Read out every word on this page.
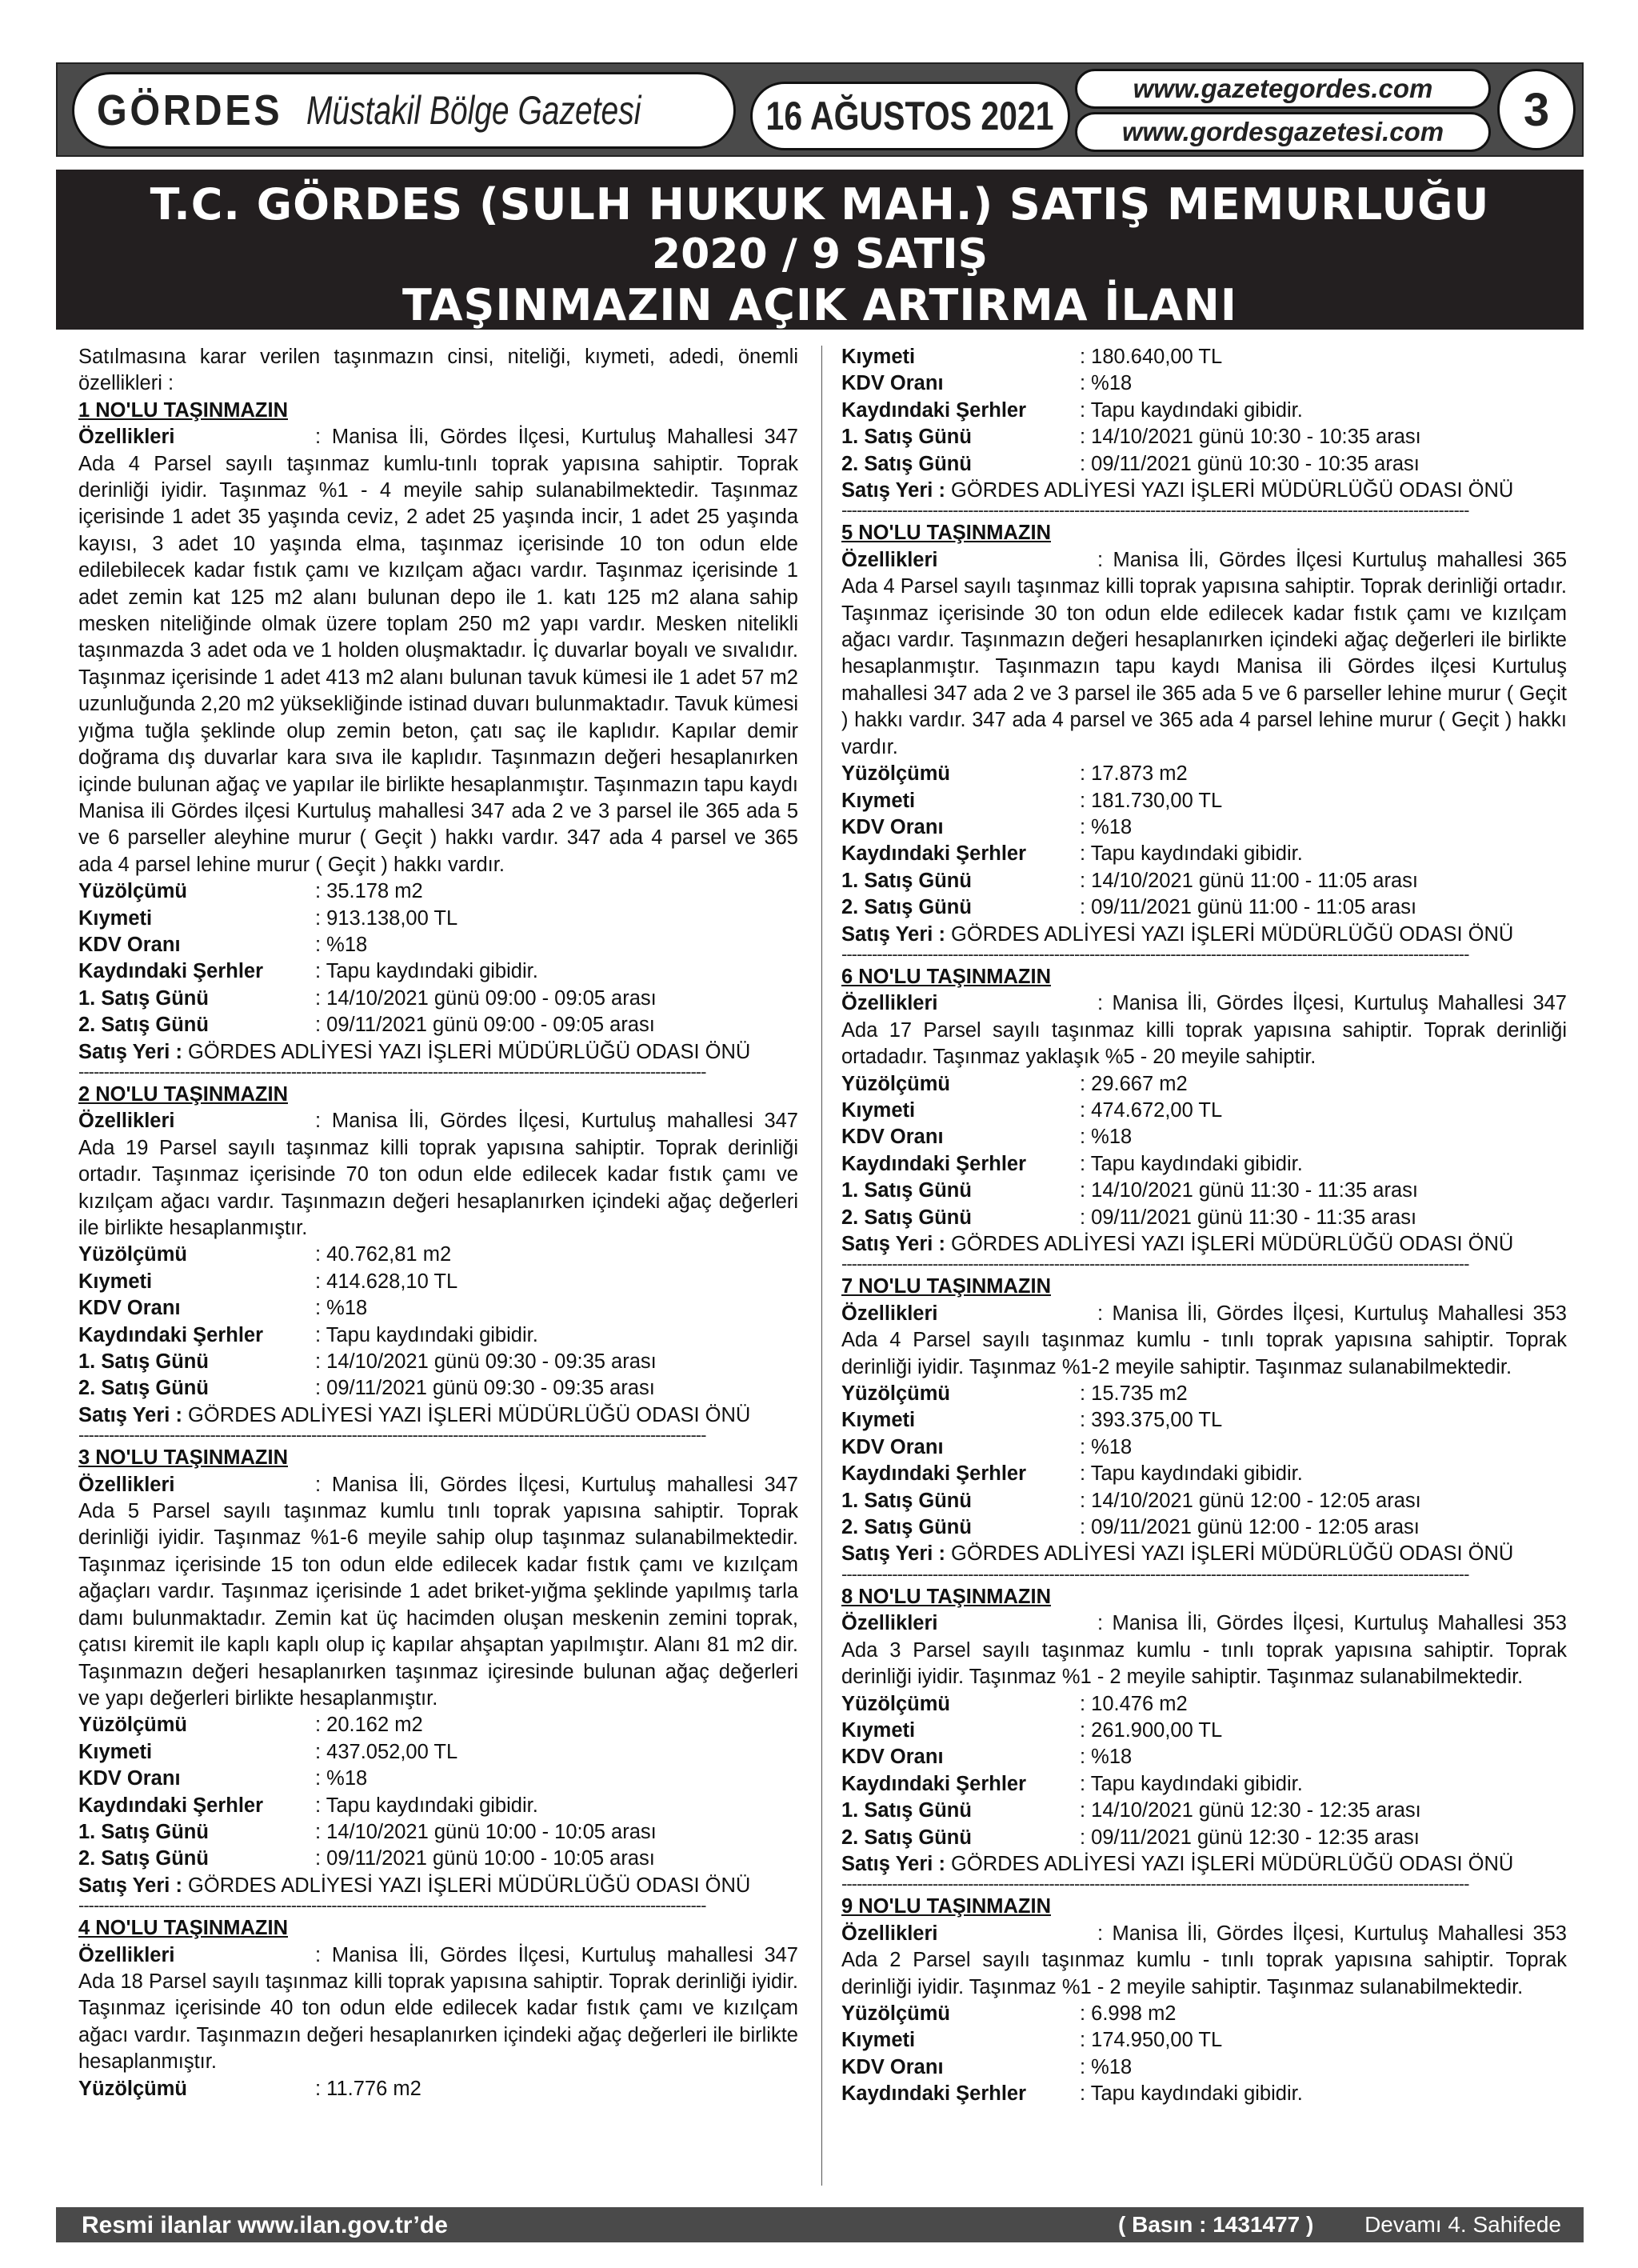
GÖRDES Müstakil Bölge Gazetesi	16 AĞUSTOS 2021
www.gazetegordes.com
www.gordesgazetesi.com 3
T.C. GÖRDES (SULH HUKUK MAH.) SATIŞ MEMURLUĞU
2020 / 9 SATIŞ
TAŞINMAZIN AÇIK ARTIRMA İLANI

Satılmasına karar verilen taşınmazın cinsi, niteliği, kıymeti, adedi, önemli özellikleri :

1 NO'LU TAŞINMAZIN

Özellikleri	: Manisa İli, Gördes İlçesi, Kurtuluş Mahallesi 347 Ada 4 Parsel sayılı taşınmaz kumlu-tınlı toprak yapısına sahiptir. Toprak derinliği iyidir. Taşınmaz %1 - 4 meyile sahip sulanabilmektedir. Taşınmaz içerisinde 1 adet 35 yaşında ceviz, 2 adet 25 yaşında incir, 1 adet 25 yaşında kayısı, 3 adet 10 yaşında elma, taşınmaz içerisinde 10 ton odun elde edilebilecek kadar fıstık çamı ve kızılçam ağacı vardır. Taşınmaz içerisinde 1 adet zemin kat 125 m2 alanı bulunan depo ile 1. katı 125 m2 alana sahip mesken niteliğinde olmak üzere toplam 250 m2 yapı vardır. Mesken nitelikli taşınmazda 3 adet oda ve 1 holden oluşmaktadır. İç duvarlar boyalı ve sıvalıdır. Taşınmaz içerisinde 1 adet 413 m2 alanı bulunan tavuk kümesi ile 1 adet 57 m2 uzunluğunda 2,20 m2 yüksekliğinde istinad duvarı bulunmaktadır. Tavuk kümesi yığma tuğla şeklinde olup zemin beton, çatı saç ile kaplıdır. Kapılar demir doğrama dış duvarlar kara sıva ile kaplıdır. Taşınmazın değeri hesaplanırken içinde bulunan ağaç ve yapılar ile birlikte hesaplanmıştır. Taşınmazın tapu kaydı Manisa ili Gördes ilçesi Kurtuluş mahallesi 347 ada 2 ve 3 parsel ile 365 ada 5 ve 6 parseller aleyhine murur ( Geçit ) hakkı vardır. 347 ada 4 parsel ve 365 ada 4 parsel lehine murur ( Geçit ) hakkı vardır.

Yüzölçümü	: 35.178 m2
Kıymeti	: 913.138,00 TL
KDV Oranı	: %18
Kaydındaki Şerhler	: Tapu kaydındaki gibidir.
1. Satış Günü	: 14/10/2021 günü 09:00 - 09:05 arası
2. Satış Günü	: 09/11/2021 günü 09:00 - 09:05 arası
Satış Yeri :
GÖRDES ADLİYESİ YAZI İŞLERİ MÜDÜRLÜĞÜ ODASI ÖNÜ
----------------------------------------------------------------------------------------------------------------------------

2 NO'LU TAŞINMAZIN

Özellikleri	: Manisa İli, Gördes İlçesi, Kurtuluş mahallesi 347 Ada 19 Parsel sayılı taşınmaz killi toprak yapısına sahiptir. Toprak derinliği ortadır. Taşınmaz içerisinde 70 ton odun elde edilecek kadar fıstık çamı ve kızılçam ağacı vardır. Taşınmazın değeri hesaplanırken içindeki ağaç değerleri ile birlikte hesaplanmıştır.

Yüzölçümü	: 40.762,81 m2
Kıymeti	: 414.628,10 TL
KDV Oranı	: %18
Kaydındaki Şerhler	: Tapu kaydındaki gibidir.
1. Satış Günü	: 14/10/2021 günü 09:30 - 09:35 arası
2. Satış Günü	: 09/11/2021 günü 09:30 - 09:35 arası
Satış Yeri :
GÖRDES ADLİYESİ YAZI İŞLERİ MÜDÜRLÜĞÜ ODASI ÖNÜ
----------------------------------------------------------------------------------------------------------------------------

3 NO'LU TAŞINMAZIN

Özellikleri	: Manisa İli, Gördes İlçesi, Kurtuluş mahallesi 347 Ada 5 Parsel sayılı taşınmaz kumlu tınlı toprak yapısına sahiptir. Toprak derinliği iyidir. Taşınmaz %1-6 meyile sahip olup taşınmaz sulanabilmektedir. Taşınmaz içerisinde 15 ton odun elde edilecek kadar fıstık çamı ve kızılçam ağaçları vardır. Taşınmaz içerisinde 1 adet briket-yığma şeklinde yapılmış tarla damı bulunmaktadır. Zemin kat üç hacimden oluşan meskenin zemini toprak, çatısı kiremit ile kaplı kaplı olup iç kapılar ahşaptan yapılmıştır. Alanı 81 m2 dir. Taşınmazın değeri hesaplanırken taşınmaz içiresinde bulunan ağaç değerleri ve yapı değerleri birlikte hesaplanmıştır.

Yüzölçümü	: 20.162 m2
Kıymeti	: 437.052,00 TL
KDV Oranı	: %18
Kaydındaki Şerhler	: Tapu kaydındaki gibidir.
1. Satış Günü	: 14/10/2021 günü 10:00 - 10:05 arası
2. Satış Günü	: 09/11/2021 günü 10:00 - 10:05 arası
Satış Yeri :
GÖRDES ADLİYESİ YAZI İŞLERİ MÜDÜRLÜĞÜ ODASI ÖNÜ
----------------------------------------------------------------------------------------------------------------------------

4 NO'LU TAŞINMAZIN

Özellikleri	: Manisa İli, Gördes İlçesi, Kurtuluş mahallesi 347 Ada 18 Parsel sayılı taşınmaz killi toprak yapısına sahiptir. Toprak derinliği iyidir. Taşınmaz içerisinde 40 ton odun elde edilecek kadar fıstık çamı ve kızılçam ağacı vardır. Taşınmazın değeri hesaplanırken içindeki ağaç değerleri ile birlikte hesaplanmıştır.

Yüzölçümü	: 11.776 m2
Kıymeti	: 180.640,00 TL
KDV Oranı	: %18
Kaydındaki Şerhler	: Tapu kaydındaki gibidir.
1. Satış Günü	: 14/10/2021 günü 10:30 - 10:35 arası
2. Satış Günü	: 09/11/2021 günü 10:30 - 10:35 arası
Satış Yeri :
GÖRDES ADLİYESİ YAZI İŞLERİ MÜDÜRLÜĞÜ ODASI ÖNÜ
----------------------------------------------------------------------------------------------------------------------------

5 NO'LU TAŞINMAZIN

Özellikleri	: Manisa İli, Gördes İlçesi Kurtuluş mahallesi 365 Ada 4 Parsel sayılı taşınmaz killi toprak yapısına sahiptir. Toprak derinliği ortadır. Taşınmaz içerisinde 30 ton odun elde edilecek kadar fıstık çamı ve kızılçam ağacı vardır. Taşınmazın değeri hesaplanırken içindeki ağaç değerleri ile birlikte hesaplanmıştır. Taşınmazın tapu kaydı Manisa ili Gördes ilçesi Kurtuluş mahallesi 347 ada 2 ve 3 parsel ile 365 ada 5 ve 6 parseller lehine murur ( Geçit ) hakkı vardır. 347 ada 4 parsel ve 365 ada 4 parsel lehine murur ( Geçit ) hakkı vardır.

Yüzölçümü	: 17.873 m2
Kıymeti	: 181.730,00 TL
KDV Oranı	: %18
Kaydındaki Şerhler	: Tapu kaydındaki gibidir.
1. Satış Günü	: 14/10/2021 günü 11:00 - 11:05 arası
2. Satış Günü	: 09/11/2021 günü 11:00 - 11:05 arası
Satış Yeri :
GÖRDES ADLİYESİ YAZI İŞLERİ MÜDÜRLÜĞÜ ODASI ÖNÜ
----------------------------------------------------------------------------------------------------------------------------

6 NO'LU TAŞINMAZIN

Özellikleri	: Manisa İli, Gördes İlçesi, Kurtuluş Mahallesi 347 Ada 17 Parsel sayılı taşınmaz killi toprak yapısına sahiptir. Toprak derinliği ortadadır. Taşınmaz yaklaşık %5 - 20 meyile sahiptir.

Yüzölçümü	: 29.667 m2
Kıymeti	: 474.672,00 TL
KDV Oranı	: %18
Kaydındaki Şerhler	: Tapu kaydındaki gibidir.
1. Satış Günü	: 14/10/2021 günü 11:30 - 11:35 arası
2. Satış Günü	: 09/11/2021 günü 11:30 - 11:35 arası
Satış Yeri :
GÖRDES ADLİYESİ YAZI İŞLERİ MÜDÜRLÜĞÜ ODASI ÖNÜ
----------------------------------------------------------------------------------------------------------------------------

7 NO'LU TAŞINMAZIN

Özellikleri	: Manisa İli, Gördes İlçesi, Kurtuluş Mahallesi 353 Ada 4 Parsel sayılı taşınmaz kumlu - tınlı toprak yapısına sahiptir. Toprak derinliği iyidir. Taşınmaz %1-2 meyile sahiptir. Taşınmaz sulanabilmektedir.

Yüzölçümü	: 15.735 m2
Kıymeti	: 393.375,00 TL
KDV Oranı	: %18
Kaydındaki Şerhler	: Tapu kaydındaki gibidir.
1. Satış Günü	: 14/10/2021 günü 12:00 - 12:05 arası
2. Satış Günü	: 09/11/2021 günü 12:00 - 12:05 arası
Satış Yeri :
GÖRDES ADLİYESİ YAZI İŞLERİ MÜDÜRLÜĞÜ ODASI ÖNÜ
----------------------------------------------------------------------------------------------------------------------------

8 NO'LU TAŞINMAZIN

Özellikleri	: Manisa İli, Gördes İlçesi, Kurtuluş Mahallesi 353 Ada 3 Parsel sayılı taşınmaz kumlu - tınlı toprak yapısına sahiptir. Toprak derinliği iyidir. Taşınmaz %1 - 2 meyile sahiptir. Taşınmaz sulanabilmektedir.

Yüzölçümü	: 10.476 m2
Kıymeti	: 261.900,00 TL
KDV Oranı	: %18
Kaydındaki Şerhler	: Tapu kaydındaki gibidir.
1. Satış Günü	: 14/10/2021 günü 12:30 - 12:35 arası
2. Satış Günü	: 09/11/2021 günü 12:30 - 12:35 arası
Satış Yeri :
GÖRDES ADLİYESİ YAZI İŞLERİ MÜDÜRLÜĞÜ ODASI ÖNÜ
----------------------------------------------------------------------------------------------------------------------------

9 NO'LU TAŞINMAZIN

Özellikleri	: Manisa İli, Gördes İlçesi, Kurtuluş Mahallesi 353 Ada 2 Parsel sayılı taşınmaz kumlu - tınlı toprak yapısına sahiptir. Toprak derinliği iyidir. Taşınmaz %1 - 2 meyile sahiptir. Taşınmaz sulanabilmektedir.

Yüzölçümü	: 6.998 m2
Kıymeti	: 174.950,00 TL
KDV Oranı	: %18
Kaydındaki Şerhler	: Tapu kaydındaki gibidir.
Resmi ilanlar www.ilan.gov.tr’de	( Basın : 1431477 ) Devamı 4. Sahifede
